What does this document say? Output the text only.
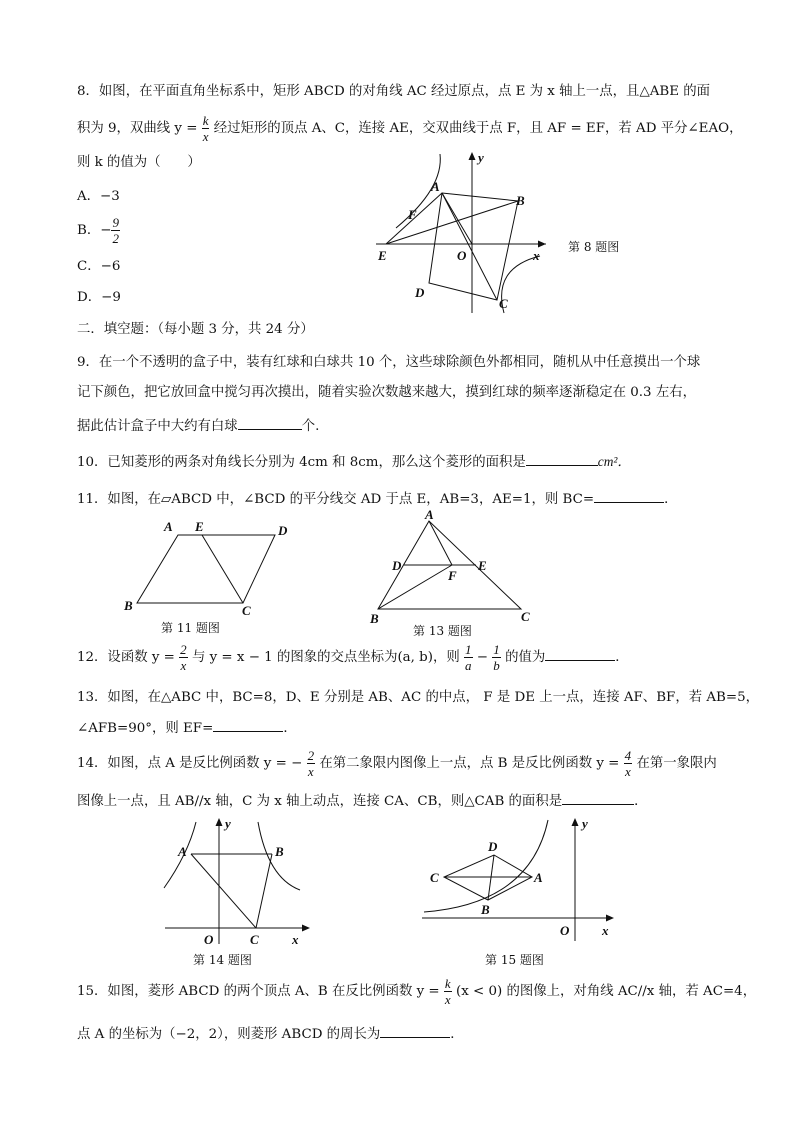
8．如图，在平面直角坐标系中，矩形 ABCD 的对角线 AC 经过原点，点 E 为 x 轴上一点，且△ABE 的面
积为 9，双曲线 $y = \frac{k}{x}$ 经过矩形的顶点 A、C，连接 AE，交双曲线于点 F，且 AF = EF，若 AD 平分∠EAO，
则 k 的值为（　　）
A．−3
B．− $\frac{9}{2}$
C．−6
D．−9
A
B
C
D
E
F
O	x
y
第 8 题图
二．填空题：（每小题 3 分，共 24 分）
9．在一个不透明的盒子中，装有红球和白球共 10 个，这些球除颜色外都相同，随机从中任意摸出一个球
记下颜色，把它放回盒中搅匀再次摸出，随着实验次数越来越大，摸到红球的频率逐渐稳定在 0.3 左右，
据此估计盒子中大约有白球	个.
10．已知菱形的两条对角线长分别为 4cm 和 8cm，那么这个菱形的面积是	cm²．
11．如图，在▱ABCD 中，∠BCD 的平分线交 AD 于点 E，AB=3，AE=1，则 BC=	．
A E	D
B	C
第 11 题图
A
D	E
F
B	C
第 13 题图
12．设函数 $y = \frac{2}{x}$ 与 y = x − 1 的图象的交点坐标为(a, b)，则 $\frac{1}{a} - \frac{1}{b}$ 的值为	．
13．如图，在△ABC 中，BC=8，D、E 分别是 AB、AC 的中点， F 是 DE 上一点，连接 AF、BF，若 AB=5，
∠AFB=90°，则 EF=	．
14．如图，点 A 是反比例函数 y = − $\frac{2}{x}$ 在第二象限内图像上一点，点 B 是反比例函数 $y = \frac{4}{x}$ 在第一象限内
图像上一点，且 AB//x 轴，C 为 x 轴上动点，连接 CA、CB，则△CAB 的面积是	．
A	B
C
O	x
y
第 14 题图
D
A
C
B
O	x
y
第 15 题图
15．如图，菱形 ABCD 的两个顶点 A、B 在反比例函数 $y = \frac{k}{x} (x < 0)$ 的图像上，对角线 AC//x 轴，若 AC=4，
点 A 的坐标为（−2，2），则菱形 ABCD 的周长为	．
